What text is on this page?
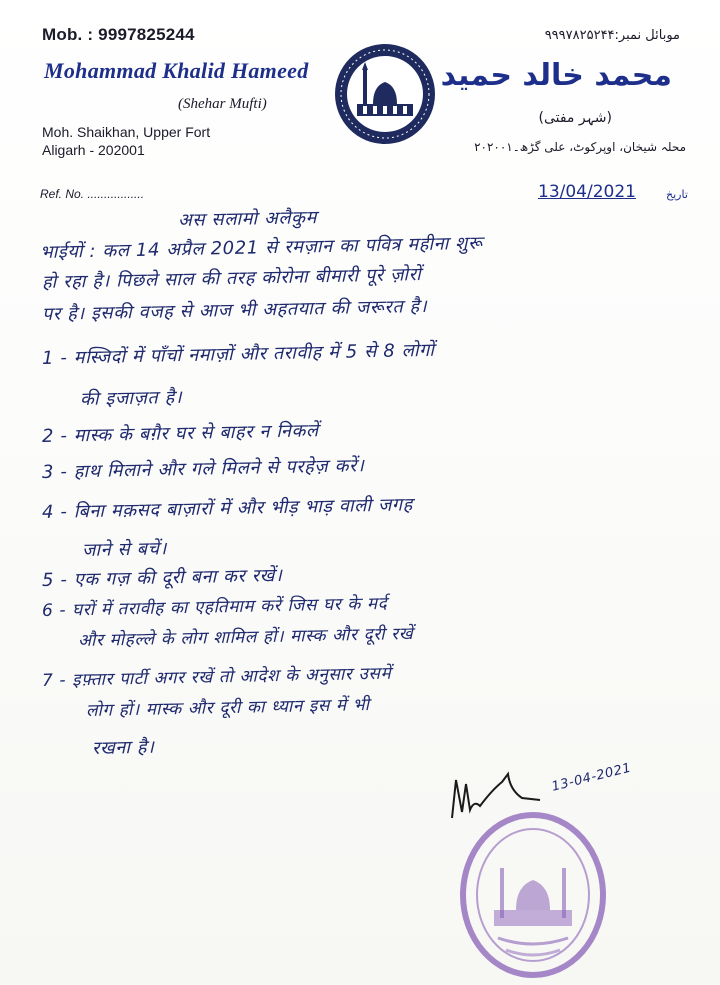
Mob. : 9997825244
Mohammad Khalid Hameed
(Shehar Mufti)
Moh. Shaikhan, Upper Fort
Aligarh - 202001
Ref. No. .................
موبائل نمبر:۹۹۹۷۸۲۵۲۴۴
محمد خالد حمید
(شہر مفتی)
محلہ شیخان، اوپرکوٹ، علی گڑھ۔۲۰۲۰۰۱
13/04/2021	تاریخ
अस सलामो अलैकुम
भाईयों : कल 14 अप्रैल 2021 से रमज़ान का पवित्र महीना शुरू
हो रहा है। पिछले साल की तरह कोरोना बीमारी पूरे ज़ोरों
पर है। इसकी वजह से आज भी अहतयात की जरूरत है।
1 - मस्जिदों में पाँचों नमाज़ों और तरावीह में 5 से 8 लोगों
की इजाज़त है।
2 - मास्क के बग़ैर घर से बाहर न निकलें
3 - हाथ मिलाने और गले मिलने से परहेज़ करें।
4 - बिना मक़सद बाज़ारों में और भीड़ भाड़ वाली जगह
जाने से बचें।
5 - एक गज़ की दूरी बना कर रखें।
6 - घरों में तरावीह का एहतिमाम करें जिस घर के मर्द
और मोहल्ले के लोग शामिल हों। मास्क और दूरी रखें
7 - इफ़्तार पार्टी अगर रखें तो आदेश के अनुसार उसमें
लोग हों। मास्क और दूरी का ध्यान इस में भी
रखना है।
13-04-2021
